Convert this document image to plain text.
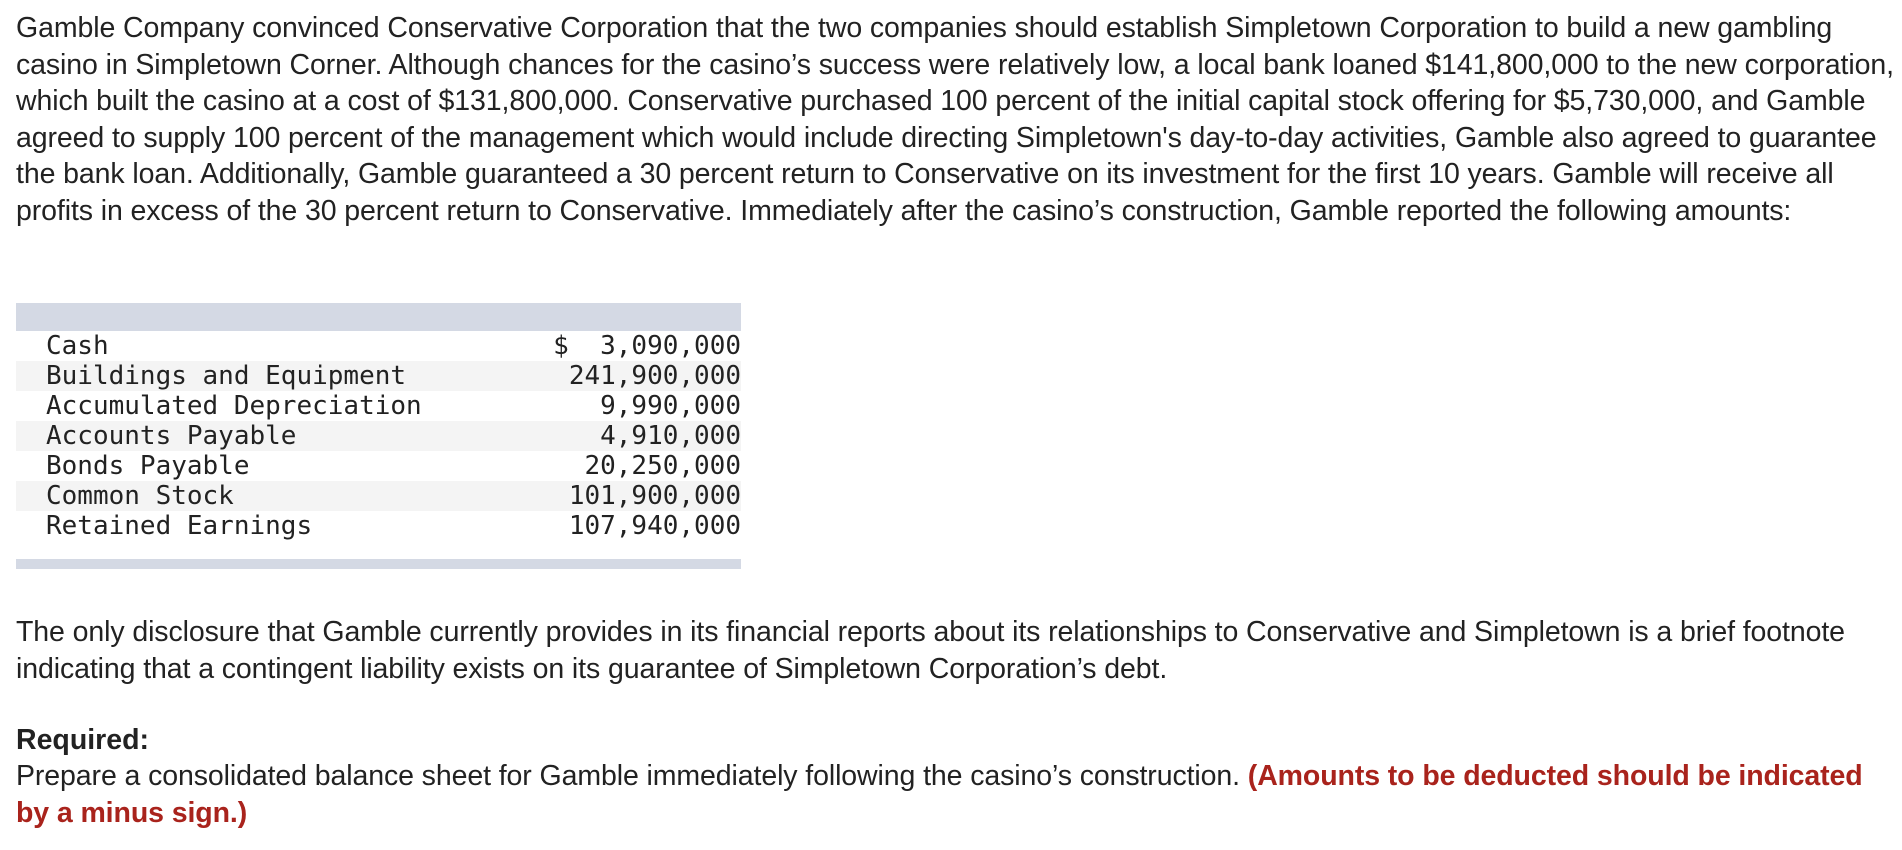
Gamble Company convinced Conservative Corporation that the two companies should establish Simpletown Corporation to build a new gambling casino in Simpletown Corner. Although chances for the casino’s success were relatively low, a local bank loaned $141,800,000 to the new corporation, which built the casino at a cost of $131,800,000. Conservative purchased 100 percent of the initial capital stock offering for $5,730,000, and Gamble agreed to supply 100 percent of the management which would include directing Simpletown's day-to-day activities, Gamble also agreed to guarantee the bank loan. Additionally, Gamble guaranteed a 30 percent return to Conservative on its investment for the first 10 years. Gamble will receive all profits in excess of the 30 percent return to Conservative. Immediately after the casino’s construction, Gamble reported the following amounts:

Cash	$  3,090,000
Buildings and Equipment	241,900,000
Accumulated Depreciation	9,990,000
Accounts Payable	4,910,000
Bonds Payable	20,250,000
Common Stock	101,900,000
Retained Earnings	107,940,000

The only disclosure that Gamble currently provides in its financial reports about its relationships to Conservative and Simpletown is a brief footnote indicating that a contingent liability exists on its guarantee of Simpletown Corporation’s debt.

Required:

Prepare a consolidated balance sheet for Gamble immediately following the casino’s construction. (Amounts to be deducted should be indicated by a minus sign.)
